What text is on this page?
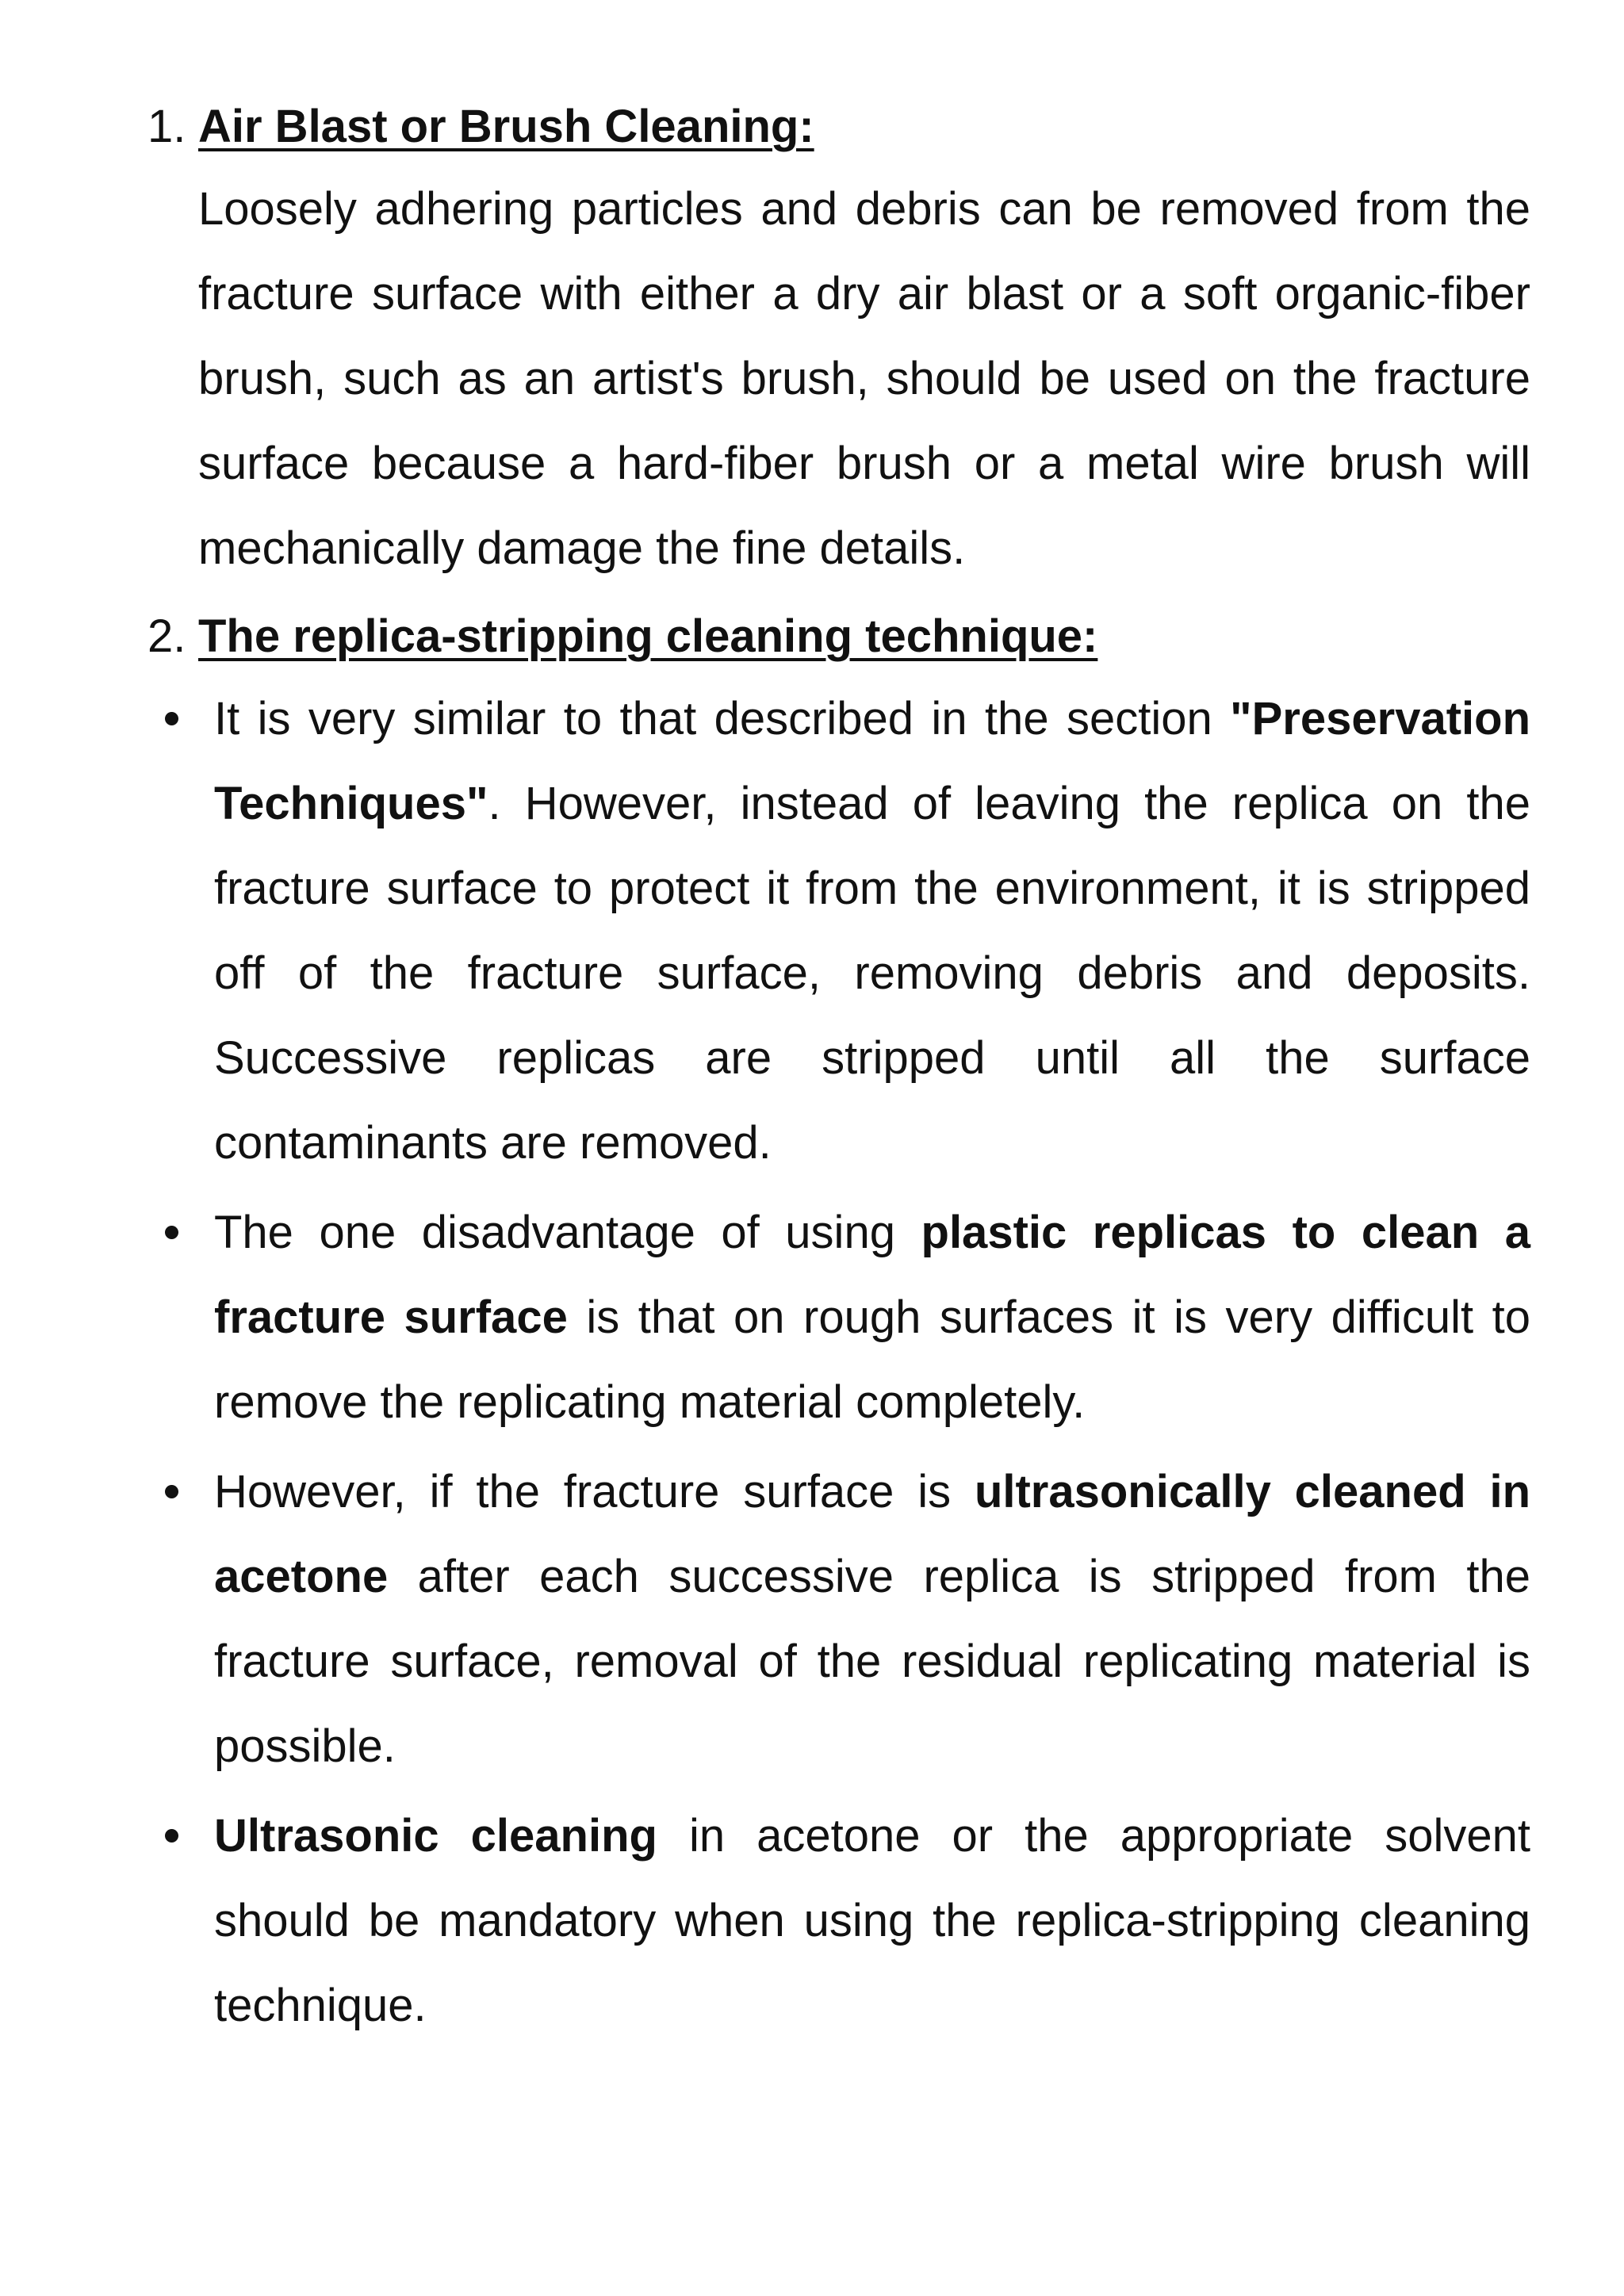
1. Air Blast or Brush Cleaning:

Loosely adhering particles and debris can be removed from the fracture surface with either a dry air blast or a soft organic-fiber brush, such as an artist's brush, should be used on the fracture surface because a hard-fiber brush or a metal wire brush will mechanically damage the fine details.

2. The replica-stripping cleaning technique:
It is very similar to that described in the section "Preservation Techniques". However, instead of leaving the replica on the fracture surface to protect it from the environment, it is stripped off of the fracture surface, removing debris and deposits. Successive replicas are stripped until all the surface contaminants are removed.
The one disadvantage of using plastic replicas to clean a fracture surface is that on rough surfaces it is very difficult to remove the replicating material completely.
However, if the fracture surface is ultrasonically cleaned in acetone after each successive replica is stripped from the fracture surface, removal of the residual replicating material is possible.
Ultrasonic cleaning in acetone or the appropriate solvent should be mandatory when using the replica-stripping cleaning technique.
